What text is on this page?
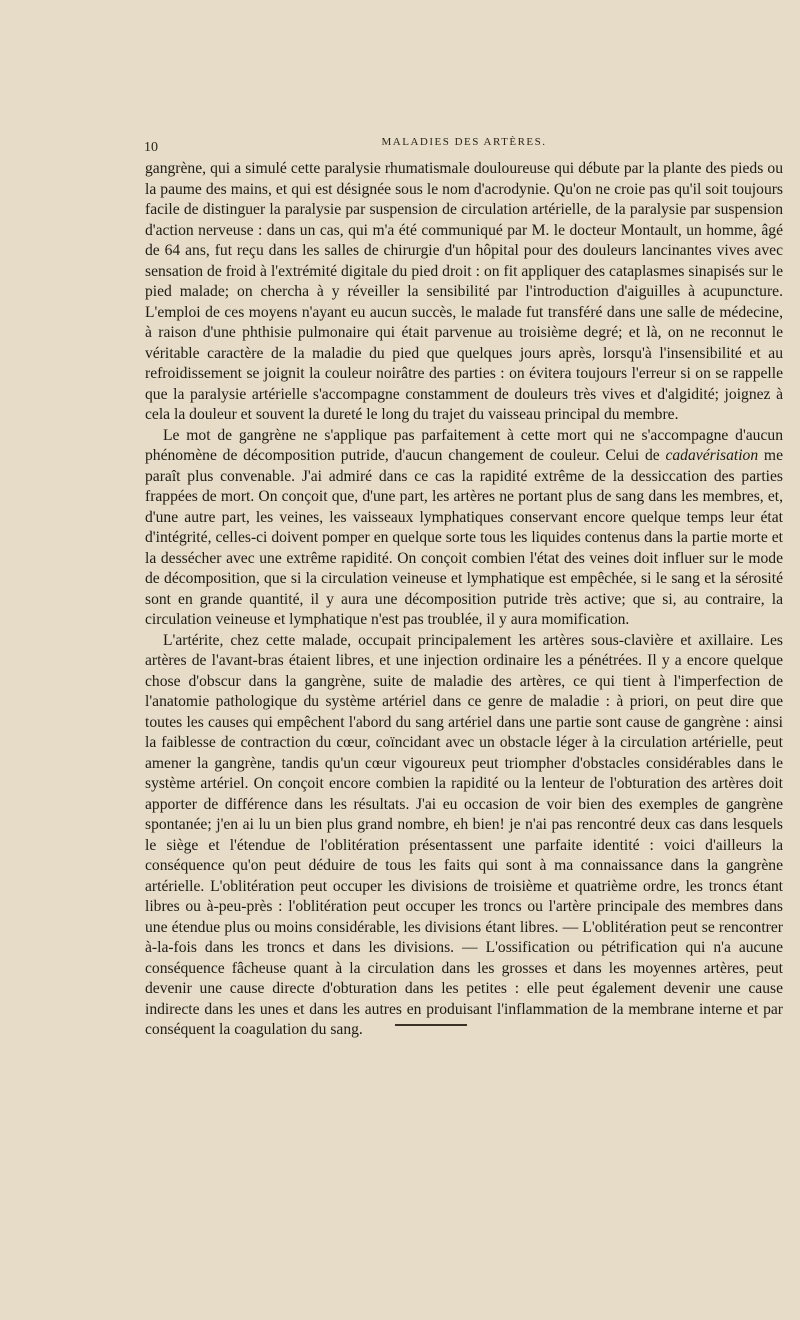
10	MALADIES DES ARTÈRES.

gangrène, qui a simulé cette paralysie rhumatismale douloureuse qui débute par la plante des pieds ou la paume des mains, et qui est désignée sous le nom d'acrodynie. Qu'on ne croie pas qu'il soit toujours facile de distinguer la paralysie par suspension de circulation artérielle, de la paralysie par suspension d'action nerveuse : dans un cas, qui m'a été communiqué par M. le docteur Montault, un homme, âgé de 64 ans, fut reçu dans les salles de chirurgie d'un hôpital pour des douleurs lancinantes vives avec sensation de froid à l'extrémité digitale du pied droit : on fit appliquer des cataplasmes sinapisés sur le pied malade; on chercha à y réveiller la sensibilité par l'introduction d'aiguilles à acupuncture. L'emploi de ces moyens n'ayant eu aucun succès, le malade fut transféré dans une salle de médecine, à raison d'une phthisie pulmonaire qui était parvenue au troisième degré; et là, on ne reconnut le véritable caractère de la maladie du pied que quelques jours après, lorsqu'à l'insensibilité et au refroidissement se joignit la couleur noirâtre des parties : on évitera toujours l'erreur si on se rappelle que la paralysie artérielle s'accompagne constamment de douleurs très vives et d'algidité; joignez à cela la douleur et souvent la dureté le long du trajet du vaisseau principal du membre.

Le mot de gangrène ne s'applique pas parfaitement à cette mort qui ne s'accompagne d'aucun phénomène de décomposition putride, d'aucun changement de couleur. Celui de cadavérisation me paraît plus convenable. J'ai admiré dans ce cas la rapidité extrême de la dessiccation des parties frappées de mort. On conçoit que, d'une part, les artères ne portant plus de sang dans les membres, et, d'une autre part, les veines, les vaisseaux lymphatiques conservant encore quelque temps leur état d'intégrité, celles-ci doivent pomper en quelque sorte tous les liquides contenus dans la partie morte et la dessécher avec une extrême rapidité. On conçoit combien l'état des veines doit influer sur le mode de décomposition, que si la circulation veineuse et lymphatique est empêchée, si le sang et la sérosité sont en grande quantité, il y aura une décomposition putride très active; que si, au contraire, la circulation veineuse et lymphatique n'est pas troublée, il y aura momification.

L'artérite, chez cette malade, occupait principalement les artères sous-clavière et axillaire. Les artères de l'avant-bras étaient libres, et une injection ordinaire les a pénétrées. Il y a encore quelque chose d'obscur dans la gangrène, suite de maladie des artères, ce qui tient à l'imperfection de l'anatomie pathologique du système artériel dans ce genre de maladie : à priori, on peut dire que toutes les causes qui empêchent l'abord du sang artériel dans une partie sont cause de gangrène : ainsi la faiblesse de contraction du cœur, coïncidant avec un obstacle léger à la circulation artérielle, peut amener la gangrène, tandis qu'un cœur vigoureux peut triompher d'obstacles considérables dans le système artériel. On conçoit encore combien la rapidité ou la lenteur de l'obturation des artères doit apporter de différence dans les résultats. J'ai eu occasion de voir bien des exemples de gangrène spontanée; j'en ai lu un bien plus grand nombre, eh bien! je n'ai pas rencontré deux cas dans lesquels le siège et l'étendue de l'oblitération présentassent une parfaite identité : voici d'ailleurs la conséquence qu'on peut déduire de tous les faits qui sont à ma connaissance dans la gangrène artérielle. L'oblitération peut occuper les divisions de troisième et quatrième ordre, les troncs étant libres ou à-peu-près : l'oblitération peut occuper les troncs ou l'artère principale des membres dans une étendue plus ou moins considérable, les divisions étant libres. — L'oblitération peut se rencontrer à-la-fois dans les troncs et dans les divisions. — L'ossification ou pétrification qui n'a aucune conséquence fâcheuse quant à la circulation dans les grosses et dans les moyennes artères, peut devenir une cause directe d'obturation dans les petites : elle peut également devenir une cause indirecte dans les unes et dans les autres en produisant l'inflammation de la membrane interne et par conséquent la coagulation du sang.
